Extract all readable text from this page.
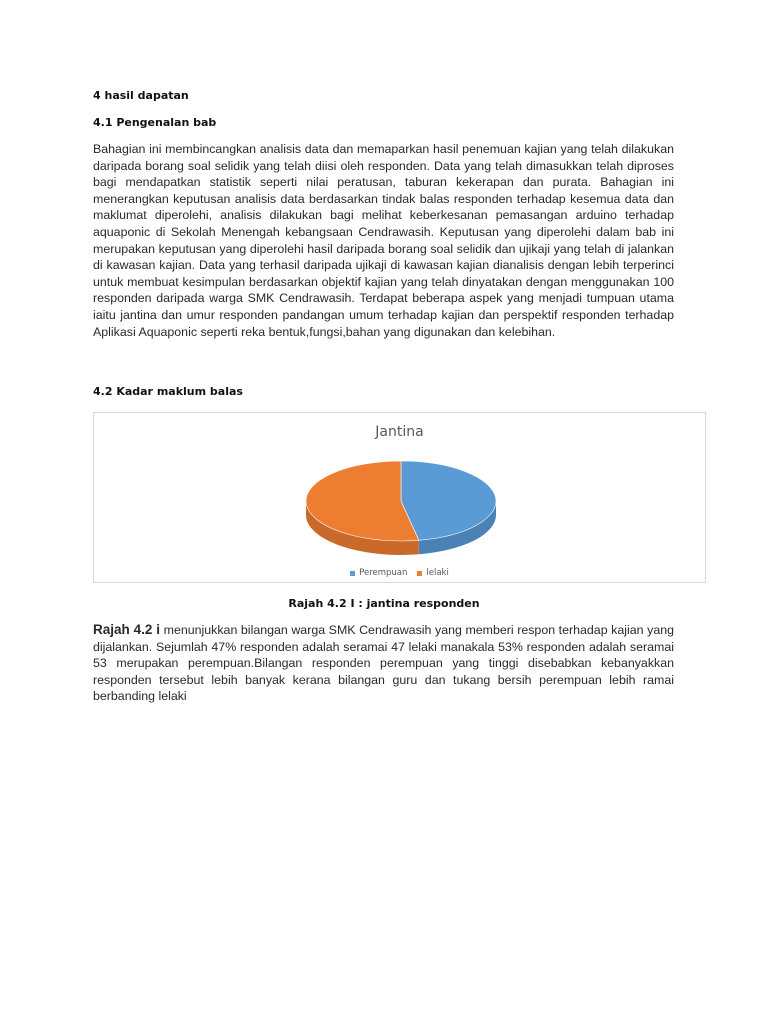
4 hasil dapatan
4.1 Pengenalan bab

Bahagian ini membincangkan analisis data dan memaparkan hasil penemuan kajian yang telah dilakukan daripada borang soal selidik yang telah diisi oleh responden. Data yang telah dimasukkan telah diproses bagi mendapatkan statistik seperti nilai peratusan, taburan kekerapan dan purata. Bahagian ini menerangkan keputusan analisis data berdasarkan tindak balas responden terhadap kesemua data dan maklumat diperolehi, analisis dilakukan bagi melihat keberkesanan pemasangan arduino terhadap aquaponic di Sekolah Menengah kebangsaan Cendrawasih. Keputusan yang diperolehi dalam bab ini merupakan keputusan yang diperolehi hasil daripada borang soal selidik dan ujikaji yang telah di jalankan di kawasan kajian. Data yang terhasil daripada ujikaji di kawasan kajian dianalisis dengan lebih terperinci untuk membuat kesimpulan berdasarkan objektif kajian yang telah dinyatakan dengan menggunakan 100 responden daripada warga SMK Cendrawasih. Terdapat beberapa aspek yang menjadi tumpuan utama iaitu jantina dan umur responden pandangan umum terhadap kajian dan perspektif responden terhadap Aplikasi Aquaponic seperti reka bentuk,fungsi,bahan yang digunakan dan kelebihan.

4.2 Kadar maklum balas
Jantina
Perempuan lelaki
Rajah 4.2 I : jantina responden

Rajah 4.2 i menunjukkan bilangan warga SMK Cendrawasih yang memberi respon terhadap kajian yang dijalankan. Sejumlah 47% responden adalah seramai 47 lelaki manakala 53% responden adalah seramai 53 merupakan perempuan.Bilangan responden perempuan yang tinggi disebabkan kebanyakkan responden tersebut lebih banyak kerana bilangan guru dan tukang bersih perempuan lebih ramai berbanding lelaki
